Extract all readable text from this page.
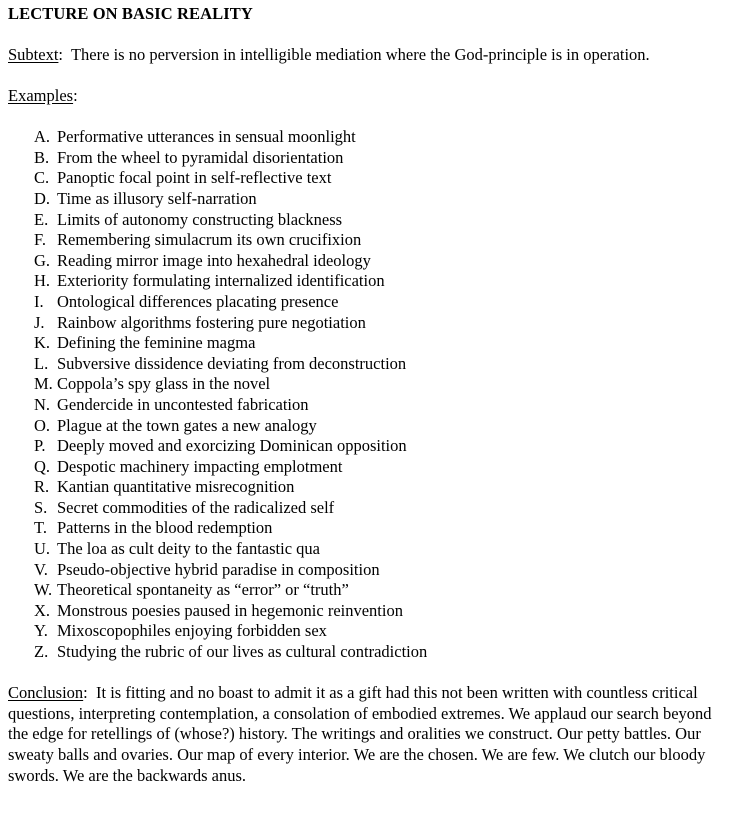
LECTURE ON BASIC REALITY

Subtext:  There is no perversion in intelligible mediation where the God-principle is in operation.

Examples:

A. Performative utterances in sensual moonlight
B. From the wheel to pyramidal disorientation
C. Panoptic focal point in self-reflective text
D. Time as illusory self-narration
E. Limits of autonomy constructing blackness
F. Remembering simulacrum its own crucifixion
G. Reading mirror image into hexahedral ideology
H. Exteriority formulating internalized identification
I. Ontological differences placating presence
J. Rainbow algorithms fostering pure negotiation
K. Defining the feminine magma
L. Subversive dissidence deviating from deconstruction
M. Coppola’s spy glass in the novel
N. Gendercide in uncontested fabrication
O. Plague at the town gates a new analogy
P. Deeply moved and exorcizing Dominican opposition
Q. Despotic machinery impacting emplotment
R. Kantian quantitative misrecognition
S. Secret commodities of the radicalized self
T. Patterns in the blood redemption
U. The loa as cult deity to the fantastic qua
V. Pseudo-objective hybrid paradise in composition
W. Theoretical spontaneity as “error” or “truth”
X. Monstrous poesies paused in hegemonic reinvention
Y. Mixoscopophiles enjoying forbidden sex
Z. Studying the rubric of our lives as cultural contradiction

Conclusion:  It is fitting and no boast to admit it as a gift had this not been written with countless critical questions, interpreting contemplation, a consolation of embodied extremes. We applaud our search beyond the edge for retellings of (whose?) history. The writings and oralities we construct. Our petty battles. Our sweaty balls and ovaries. Our map of every interior. We are the chosen. We are few. We clutch our bloody swords. We are the backwards anus.
